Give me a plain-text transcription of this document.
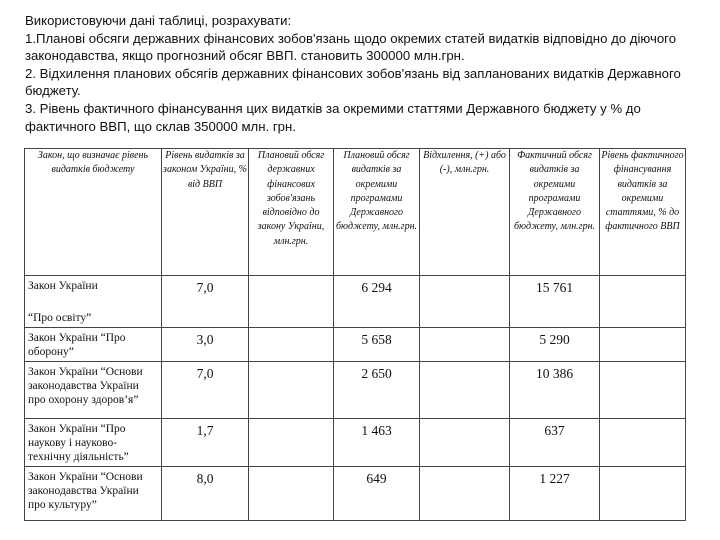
Використовуючи дані таблиці, розрахувати:

1.Планові обсяги державних фінансових зобов'язань щодо окремих статей видатків відповідно до діючого законодавства, якщо прогнозний обсяг ВВП. становить 300000 млн.грн.

2. Відхилення планових обсягів державних фінансових зобов'язань від запланованих видатків Державного бюджету.

3. Рівень фактичного фінансування цих видатків за окремими статтями Державного бюджету у % до фактичного ВВП, що склав 350000 млн. грн.

Закон, що визначає рівень видатків бюджету	Рівень видатків за законом України, % від ВВП	Плановий обсяг державних фінансових зобов'язань відповідно до закону України, млн.грн.	Плановий обсяг видатків за окремими програмами Державного бюджету, млн.грн.	Відхилення, (+) або (-), млн.грн.	Фактичний обсяг видатків за окремими програмами Державного бюджету, млн.грн.	Рівень фактичного фінансування видатків за окремими статтями, % до фактичного ВВП
Закон України
“Про освіту”	7,0		6 294		15 761	
Закон України “Про оборону”	3,0		5 658		5 290	
Закон України “Основи законодавства України про охорону здоров’я”	7,0		2 650		10 386	
Закон України “Про наукову і науково-технічну діяльність”	1,7		1 463		637	
Закон України “Основи законодавства України про культуру”	8,0		649		1 227	
